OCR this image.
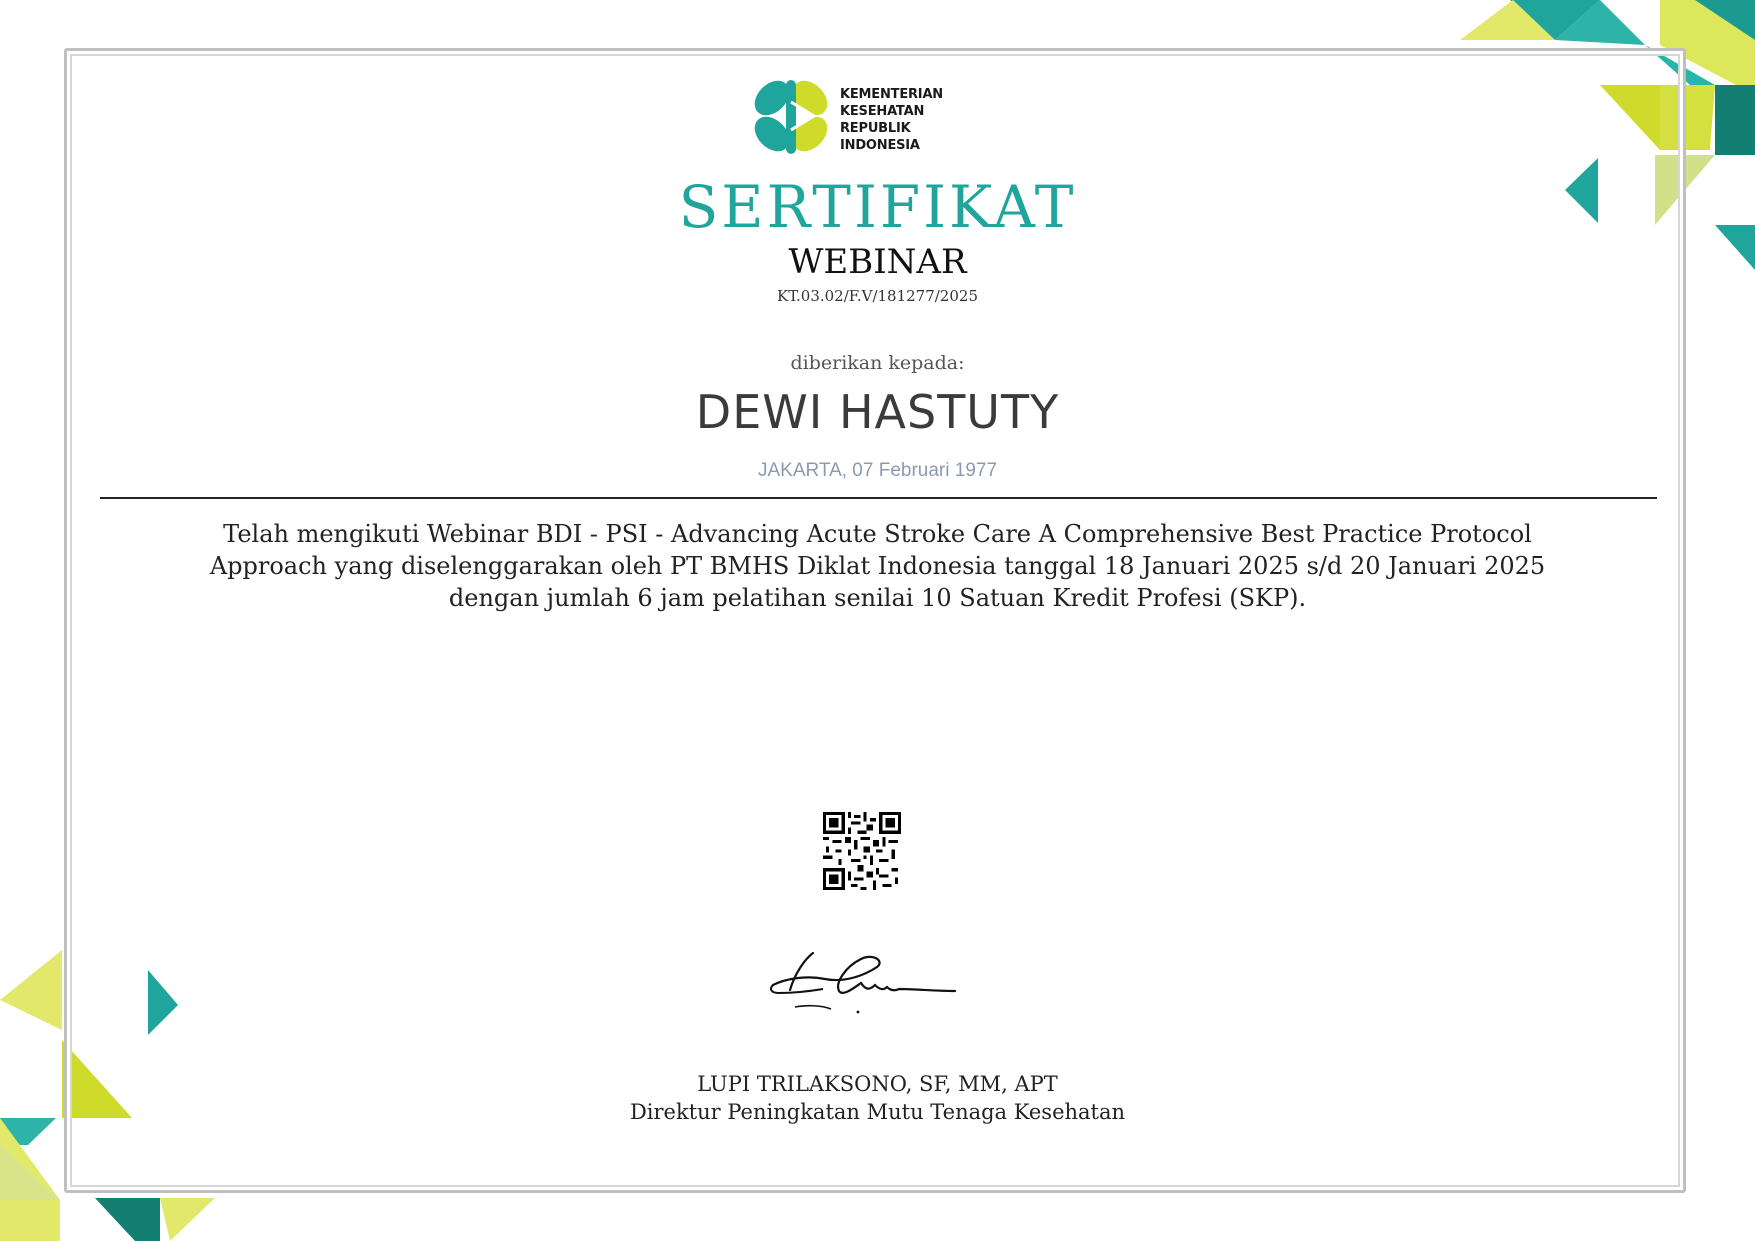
KEMENTERIAN
KESEHATAN
REPUBLIK
INDONESIA
SERTIFIKAT
WEBINAR
KT.03.02/F.V/181277/2025
diberikan kepada:
DEWI HASTUTY
JAKARTA, 07 Februari 1977
Telah mengikuti Webinar BDI - PSI - Advancing Acute Stroke Care A Comprehensive Best Practice Protocol
Approach yang diselenggarakan oleh PT BMHS Diklat Indonesia tanggal 18 Januari 2025 s/d 20 Januari 2025
dengan jumlah 6 jam pelatihan senilai 10 Satuan Kredit Profesi (SKP).
LUPI TRILAKSONO, SF, MM, APT
Direktur Peningkatan Mutu Tenaga Kesehatan
